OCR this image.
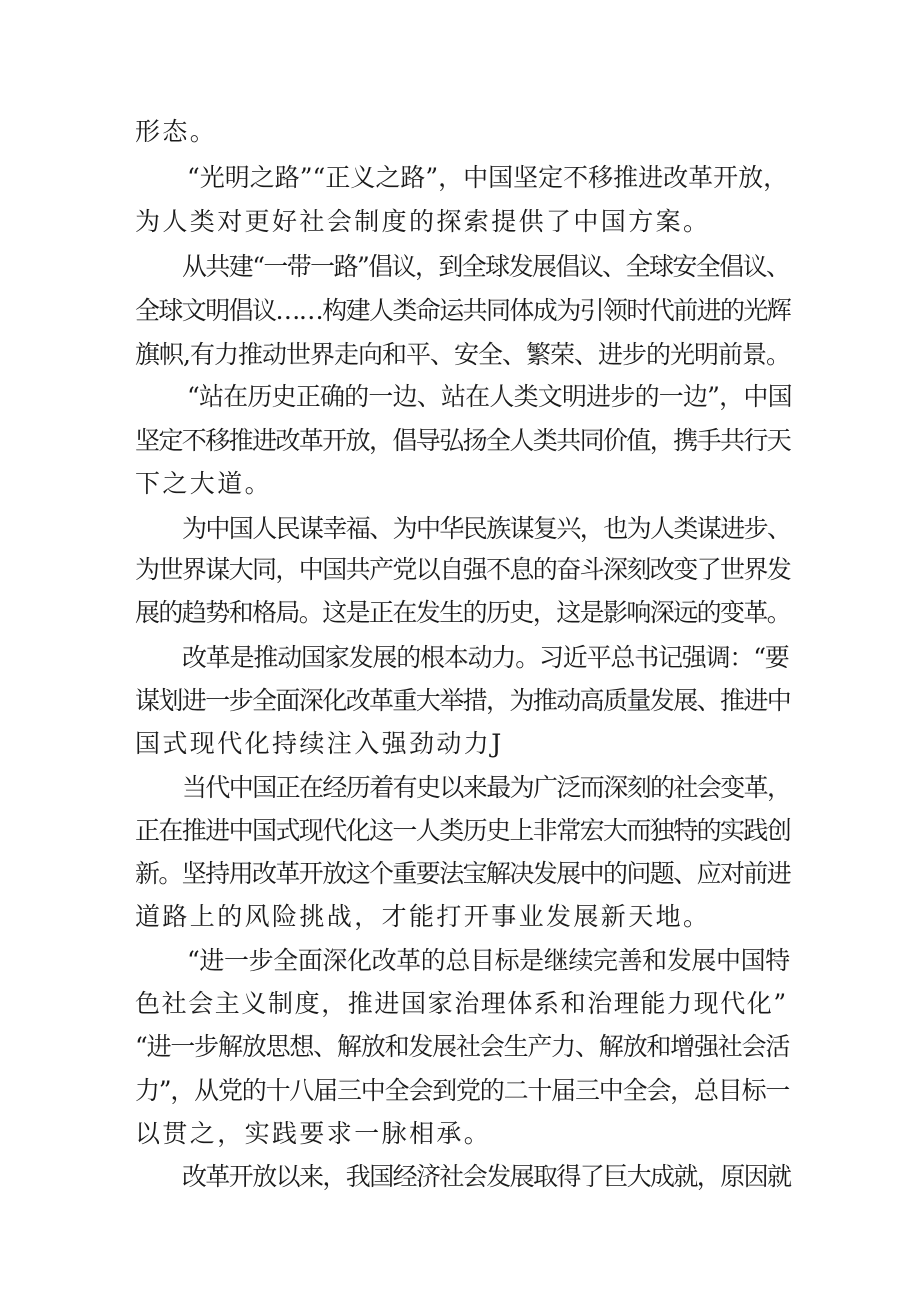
形态。
“光明之路”“正义之路”，中国坚定不移推进改革开放，
为人类对更好社会制度的探索提供了中国方案。
从共建“一带一路”倡议，到全球发展倡议、全球安全倡议、
全球文明倡议……构建人类命运共同体成为引领时代前进的光辉
旗帜,有力推动世界走向和平、安全、繁荣、进步的光明前景。
“站在历史正确的一边、站在人类文明进步的一边”，中国
坚定不移推进改革开放，倡导弘扬全人类共同价值，携手共行天
下之大道。
为中国人民谋幸福、为中华民族谋复兴，也为人类谋进步、
为世界谋大同，中国共产党以自强不息的奋斗深刻改变了世界发
展的趋势和格局。这是正在发生的历史，这是影响深远的变革。
改革是推动国家发展的根本动力。习近平总书记强调：“要
谋划进一步全面深化改革重大举措，为推动高质量发展、推进中
国式现代化持续注入强劲动力J
当代中国正在经历着有史以来最为广泛而深刻的社会变革，
正在推进中国式现代化这一人类历史上非常宏大而独特的实践创
新。坚持用改革开放这个重要法宝解决发展中的问题、应对前进
道路上的风险挑战，才能打开事业发展新天地。
“进一步全面深化改革的总目标是继续完善和发展中国特
色社会主义制度，推进国家治理体系和治理能力现代化”
“进一步解放思想、解放和发展社会生产力、解放和增强社会活
力”，从党的十八届三中全会到党的二十届三中全会，总目标一
以贯之，实践要求一脉相承。
改革开放以来，我国经济社会发展取得了巨大成就，原因就
